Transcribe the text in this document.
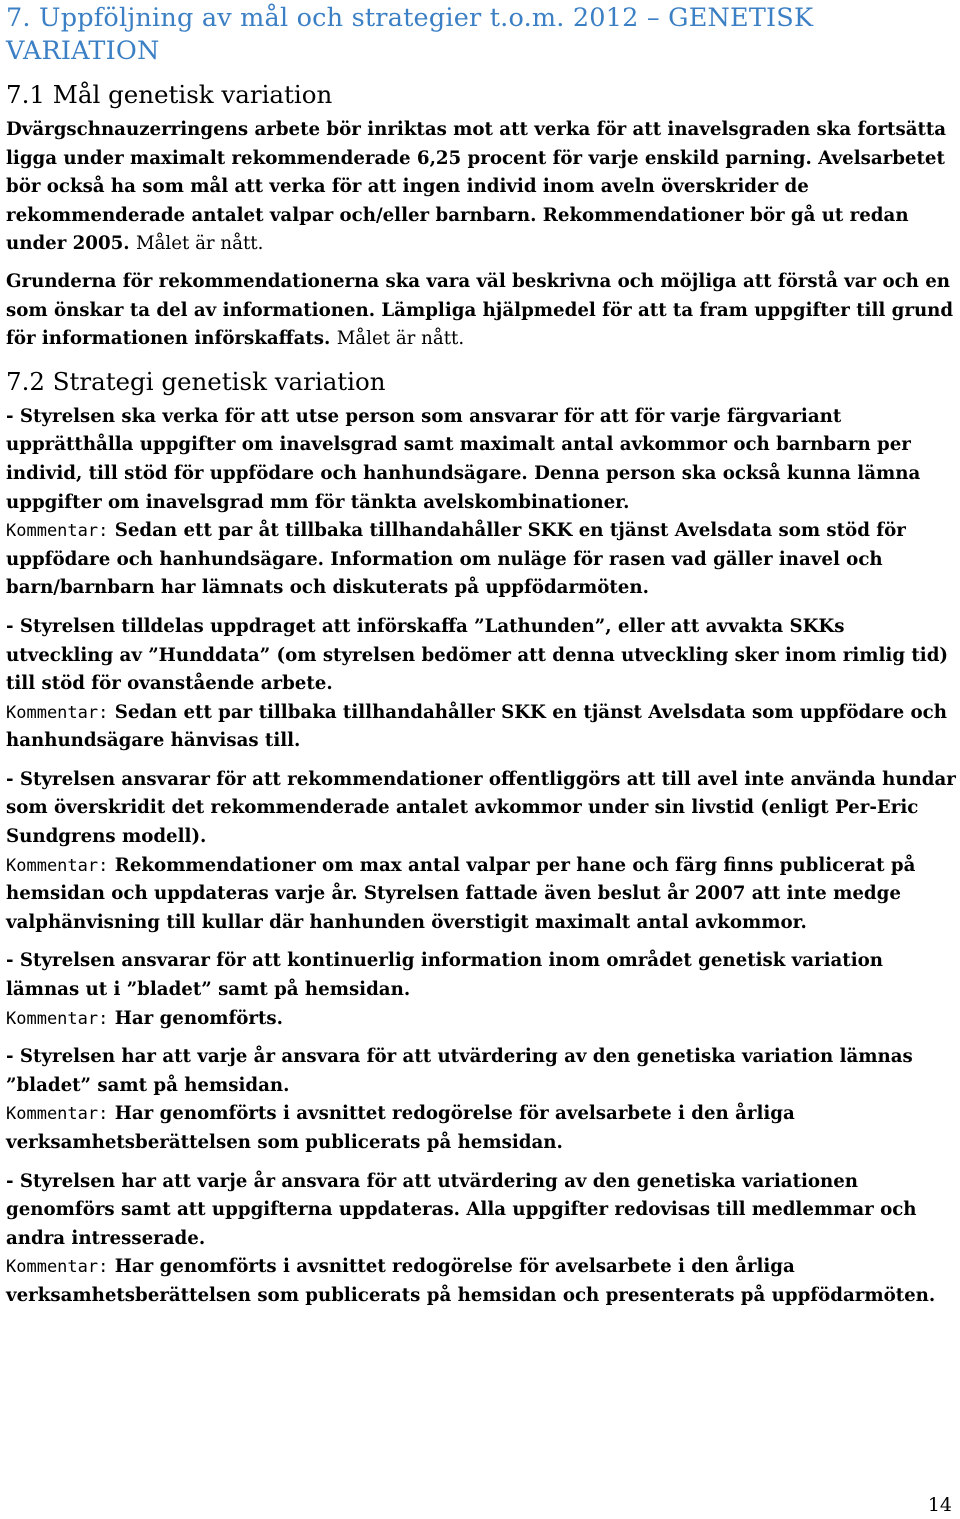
7. Uppföljning av mål och strategier t.o.m. 2012 – GENETISK VARIATION
7.1 Mål genetisk variation

Dvärgschnauzerringens arbete bör inriktas mot att verka för att inavelsgraden ska fortsätta ligga under maximalt rekommenderade 6,25 procent för varje enskild parning. Avelsarbetet bör också ha som mål att verka för att ingen individ inom aveln överskrider de rekommenderade antalet valpar och/eller barnbarn. Rekommendationer bör gå ut redan under 2005. Målet är nått.

Grunderna för rekommendationerna ska vara väl beskrivna och möjliga att förstå var och en som önskar ta del av informationen. Lämpliga hjälpmedel för att ta fram uppgifter till grund för informationen införskaffats. Målet är nått.

7.2 Strategi genetisk variation

- Styrelsen ska verka för att utse person som ansvarar för att för varje färgvariant upprätthålla uppgifter om inavelsgrad samt maximalt antal avkommor och barnbarn per individ, till stöd för uppfödare och hanhundsägare. Denna person ska också kunna lämna uppgifter om inavelsgrad mm för tänkta avelskombinationer.

Kommentar: Sedan ett par åt tillbaka tillhandahåller SKK en tjänst Avelsdata som stöd för uppfödare och hanhundsägare. Information om nuläge för rasen vad gäller inavel och barn/barnbarn har lämnats och diskuterats på uppfödarmöten.

- Styrelsen tilldelas uppdraget att införskaffa ”Lathunden”, eller att avvakta SKKs utveckling av ”Hunddata” (om styrelsen bedömer att denna utveckling sker inom rimlig tid) till stöd för ovanstående arbete.

Kommentar: Sedan ett par tillbaka tillhandahåller SKK en tjänst Avelsdata som uppfödare och hanhundsägare hänvisas till.

- Styrelsen ansvarar för att rekommendationer offentliggörs att till avel inte använda hundar som överskridit det rekommenderade antalet avkommor under sin livstid (enligt Per-Eric Sundgrens modell).

Kommentar: Rekommendationer om max antal valpar per hane och färg finns publicerat på hemsidan och uppdateras varje år. Styrelsen fattade även beslut år 2007 att inte medge valphänvisning till kullar där hanhunden överstigit maximalt antal avkommor.

- Styrelsen ansvarar för att kontinuerlig information inom området genetisk variation lämnas ut i ”bladet” samt på hemsidan.

Kommentar: Har genomförts.

- Styrelsen har att varje år ansvara för att utvärdering av den genetiska variation lämnas ”bladet” samt på hemsidan.

Kommentar: Har genomförts i avsnittet redogörelse för avelsarbete i den årliga verksamhetsberättelsen som publicerats på hemsidan.

- Styrelsen har att varje år ansvara för att utvärdering av den genetiska variationen genomförs samt att uppgifterna uppdateras. Alla uppgifter redovisas till medlemmar och andra intresserade.

Kommentar: Har genomförts i avsnittet redogörelse för avelsarbete i den årliga verksamhetsberättelsen som publicerats på hemsidan och presenterats på uppfödarmöten.

14
